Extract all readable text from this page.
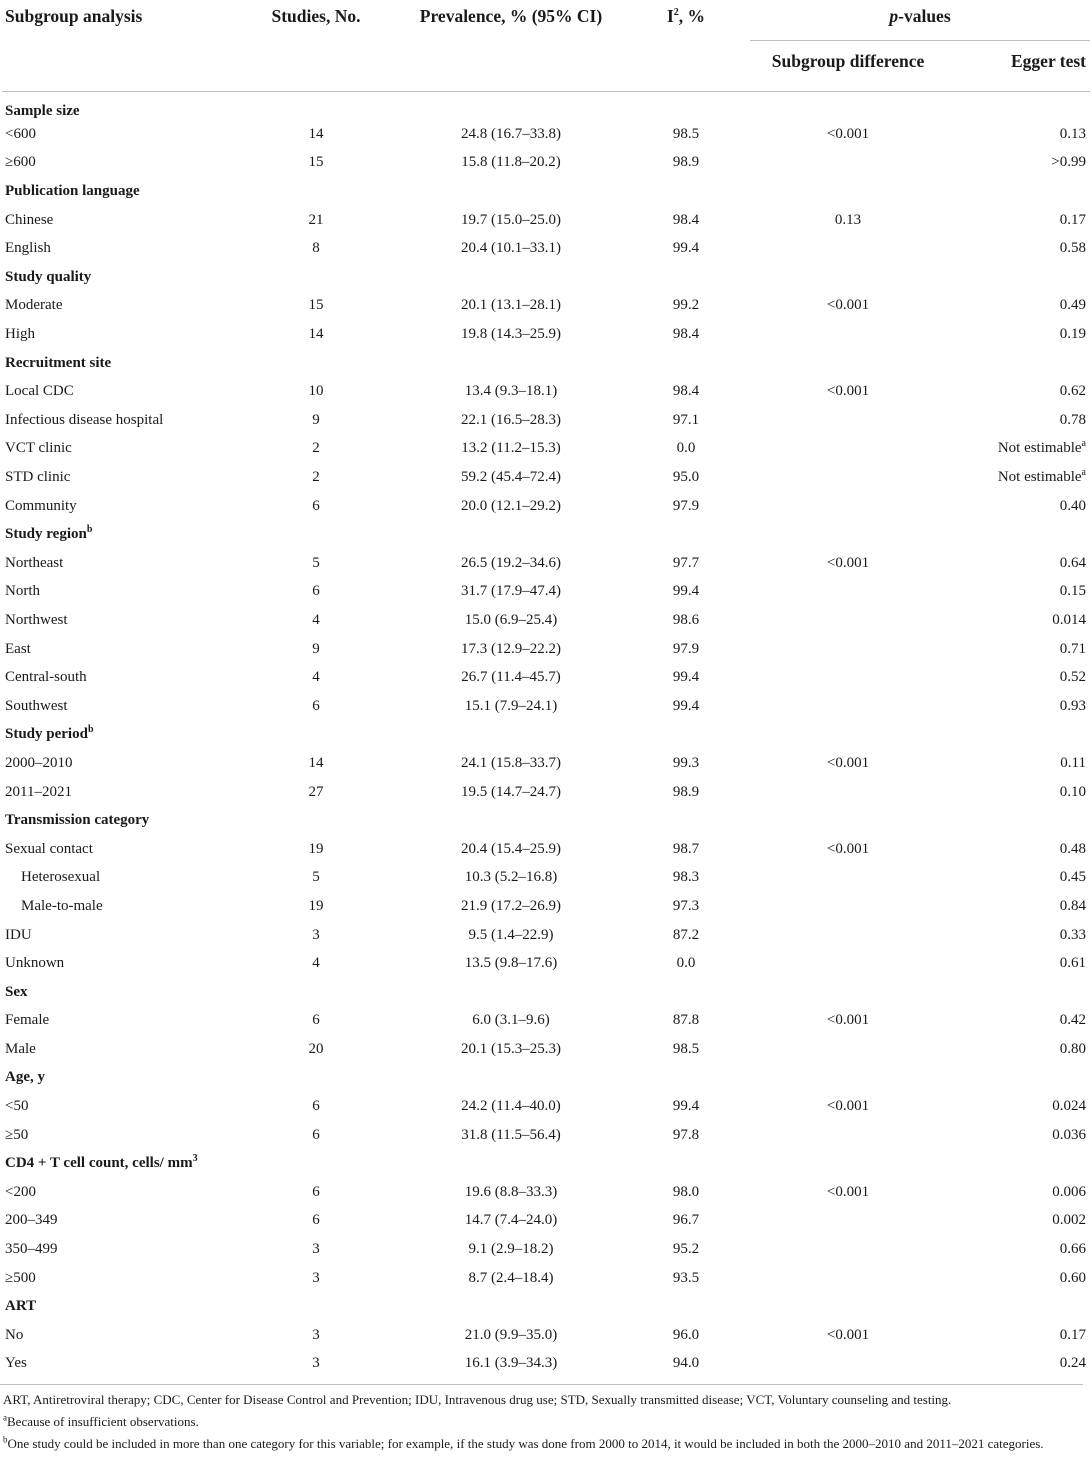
Subgroup analysis	Studies, No.	Prevalence, % (95% CI)	$I^2$, %	p-values	
				Subgroup difference	Egger test
Sample size					
<600	14	24.8 (16.7–33.8)	98.5	<0.001	0.13
≥600	15	15.8 (11.8–20.2)	98.9		>0.99
Publication language					
Chinese	21	19.7 (15.0–25.0)	98.4	0.13	0.17
English	8	20.4 (10.1–33.1)	99.4		0.58
Study quality					
Moderate	15	20.1 (13.1–28.1)	99.2	<0.001	0.49
High	14	19.8 (14.3–25.9)	98.4		0.19
Recruitment site					
Local CDC	10	13.4 (9.3–18.1)	98.4	<0.001	0.62
Infectious disease hospital	9	22.1 (16.5–28.3)	97.1		0.78
VCT clinic	2	13.2 (11.2–15.3)	0.0		Not estimable$^a$
STD clinic	2	59.2 (45.4–72.4)	95.0		Not estimable$^a$
Community	6	20.0 (12.1–29.2)	97.9		0.40
Study region$^b$
Northeast	5	26.5 (19.2–34.6)	97.7	<0.001	0.64
North	6	31.7 (17.9–47.4)	99.4		0.15
Northwest	4	15.0 (6.9–25.4)	98.6		0.014
East	9	17.3 (12.9–22.2)	97.9		0.71
Central-south	4	26.7 (11.4–45.7)	99.4		0.52
Southwest	6	15.1 (7.9–24.1)	99.4		0.93
Study period$^b$
2000–2010	14	24.1 (15.8–33.7)	99.3	<0.001	0.11
2011–2021	27	19.5 (14.7–24.7)	98.9		0.10
Transmission category					
Sexual contact	19	20.4 (15.4–25.9)	98.7	<0.001	0.48
Heterosexual	5	10.3 (5.2–16.8)	98.3		0.45
Male-to-male	19	21.9 (17.2–26.9)	97.3		0.84
IDU	3	9.5 (1.4–22.9)	87.2		0.33
Unknown	4	13.5 (9.8–17.6)	0.0		0.61
Sex					
Female	6	6.0 (3.1–9.6)	87.8	<0.001	0.42
Male	20	20.1 (15.3–25.3)	98.5		0.80
Age, y					
<50	6	24.2 (11.4–40.0)	99.4	<0.001	0.024
≥50	6	31.8 (11.5–56.4)	97.8		0.036
CD4 + T cell count, cells/ $mm^3$
<200	6	19.6 (8.8–33.3)	98.0	<0.001	0.006
200–349	6	14.7 (7.4–24.0)	96.7		0.002
350–499	3	9.1 (2.9–18.2)	95.2		0.66
≥500	3	8.7 (2.4–18.4)	93.5		0.60
ART					
No	3	21.0 (9.9–35.0)	96.0	<0.001	0.17
Yes	3	16.1 (3.9–34.3)	94.0		0.24

ART, Antiretroviral therapy; CDC, Center for Disease Control and Prevention; IDU, Intravenous drug use; STD, Sexually transmitted disease; VCT, Voluntary counseling and testing.

$^a$Because of insufficient observations.

$^b$One study could be included in more than one category for this variable; for example, if the study was done from 2000 to 2014, it would be included in both the 2000–2010 and 2011–2021 categories.
